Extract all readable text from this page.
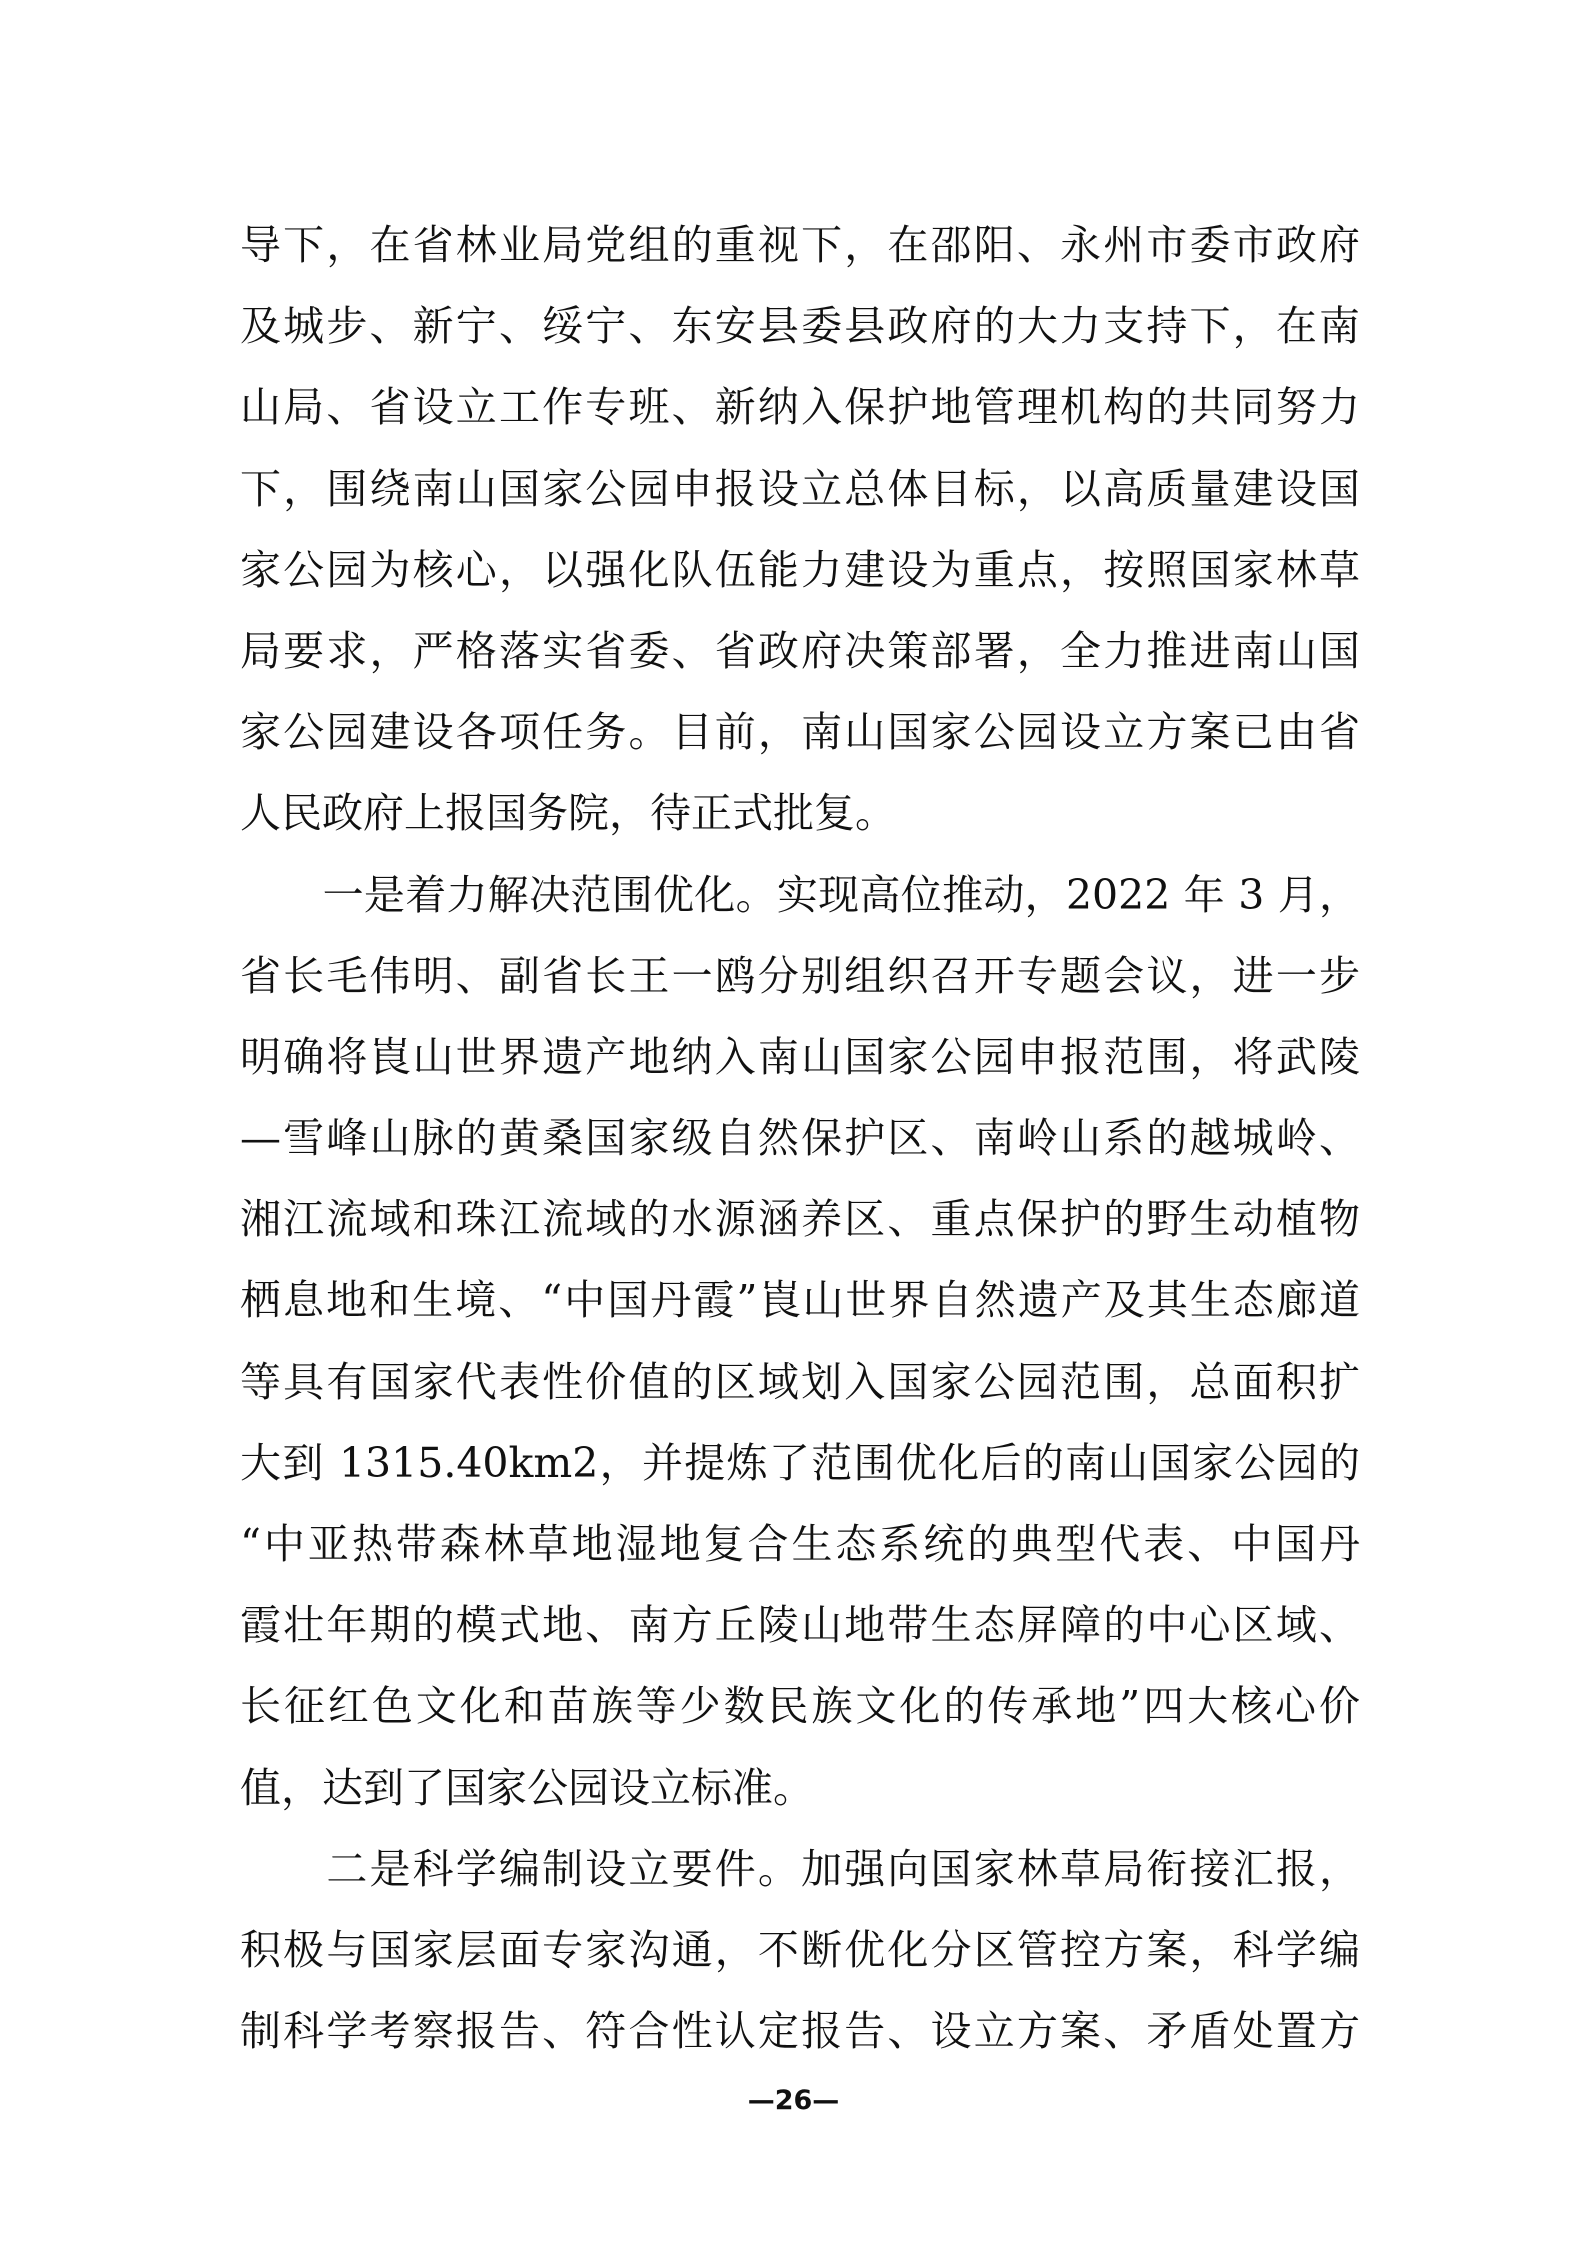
导下，在省林业局党组的重视下，在邵阳、永州市委市政府
及城步、新宁、绥宁、东安县委县政府的大力支持下，在南
山局、省设立工作专班、新纳入保护地管理机构的共同努力
下，围绕南山国家公园申报设立总体目标，以高质量建设国
家公园为核心，以强化队伍能力建设为重点，按照国家林草
局要求，严格落实省委、省政府决策部署，全力推进南山国
家公园建设各项任务。目前，南山国家公园设立方案已由省
人民政府上报国务院，待正式批复。
　　一是着力解决范围优化。实现高位推动，2022 年 3 月，
省长毛伟明、副省长王一鸥分别组织召开专题会议，进一步
明确将崀山世界遗产地纳入南山国家公园申报范围，将武陵
—雪峰山脉的黄桑国家级自然保护区、南岭山系的越城岭、
湘江流域和珠江流域的水源涵养区、重点保护的野生动植物
栖息地和生境、“中国丹霞”崀山世界自然遗产及其生态廊道
等具有国家代表性价值的区域划入国家公园范围，总面积扩
大到 1315.40km2，并提炼了范围优化后的南山国家公园的
“中亚热带森林草地湿地复合生态系统的典型代表、中国丹
霞壮年期的模式地、南方丘陵山地带生态屏障的中心区域、
长征红色文化和苗族等少数民族文化的传承地”四大核心价
值，达到了国家公园设立标准。
　　二是科学编制设立要件。加强向国家林草局衔接汇报，
积极与国家层面专家沟通，不断优化分区管控方案，科学编
制科学考察报告、符合性认定报告、设立方案、矛盾处置方
—26—
